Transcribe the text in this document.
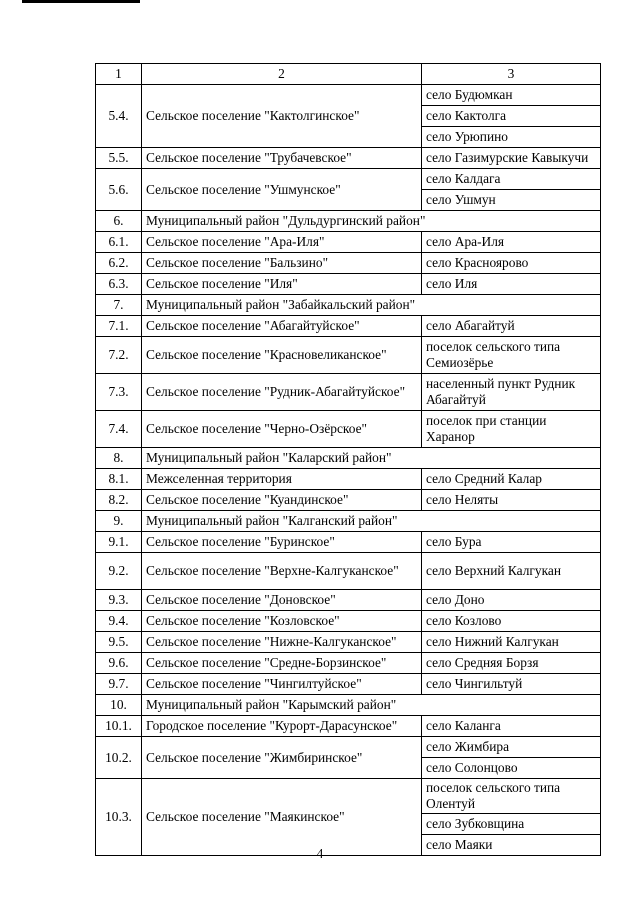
1	2	3
5.4.	Сельское поселение "Кактолгинское"	село Будюмкан
		село Кактолга
		село Урюпино
5.5.	Сельское поселение "Трубачевское"	село Газимурские Кавыкучи
5.6.	Сельское поселение "Ушмунское"	село Калдага
		село Ушмун
6.	Муниципальный район "Дульдургинский район"	
6.1.	Сельское поселение "Ара-Иля"	село Ара-Иля
6.2.	Сельское поселение "Бальзино"	село Красноярово
6.3.	Сельское поселение "Иля"	село Иля
7.	Муниципальный район "Забайкальский район"	
7.1.	Сельское поселение "Абагайтуйское"	село Абагайтуй
7.2.	Сельское поселение "Красновеликанское"	поселок сельского типа Семиозёрье
7.3.	Сельское поселение "Рудник-Абагайтуйское"	населенный пункт Рудник Абагайтуй
7.4.	Сельское поселение "Черно-Озёрское"	поселок при станции Харанор
8.	Муниципальный район "Каларский район"	
8.1.	Межселенная территория	село Средний Калар
8.2.	Сельское поселение "Куандинское"	село Неляты
9.	Муниципальный район "Калганский район"	
9.1.	Сельское поселение "Буринское"	село Бура
9.2.	Сельское поселение "Верхне-Калгуканское"	село Верхний Калгукан
9.3.	Сельское поселение "Доновское"	село Доно
9.4.	Сельское поселение "Козловское"	село Козлово
9.5.	Сельское поселение "Нижне-Калгуканское"	село Нижний Калгукан
9.6.	Сельское поселение "Средне-Борзинское"	село Средняя Борзя
9.7.	Сельское поселение "Чингилтуйское"	село Чингильтуй
10.	Муниципальный район "Карымский район"	
10.1.	Городское поселение "Курорт-Дарасунское"	село Каланга
10.2.	Сельское поселение "Жимбиринское"	село Жимбира
		село Солонцово
10.3.	Сельское поселение "Маякинское"	поселок сельского типа Олентуй
		село Зубковщина
		село Маяки
4
